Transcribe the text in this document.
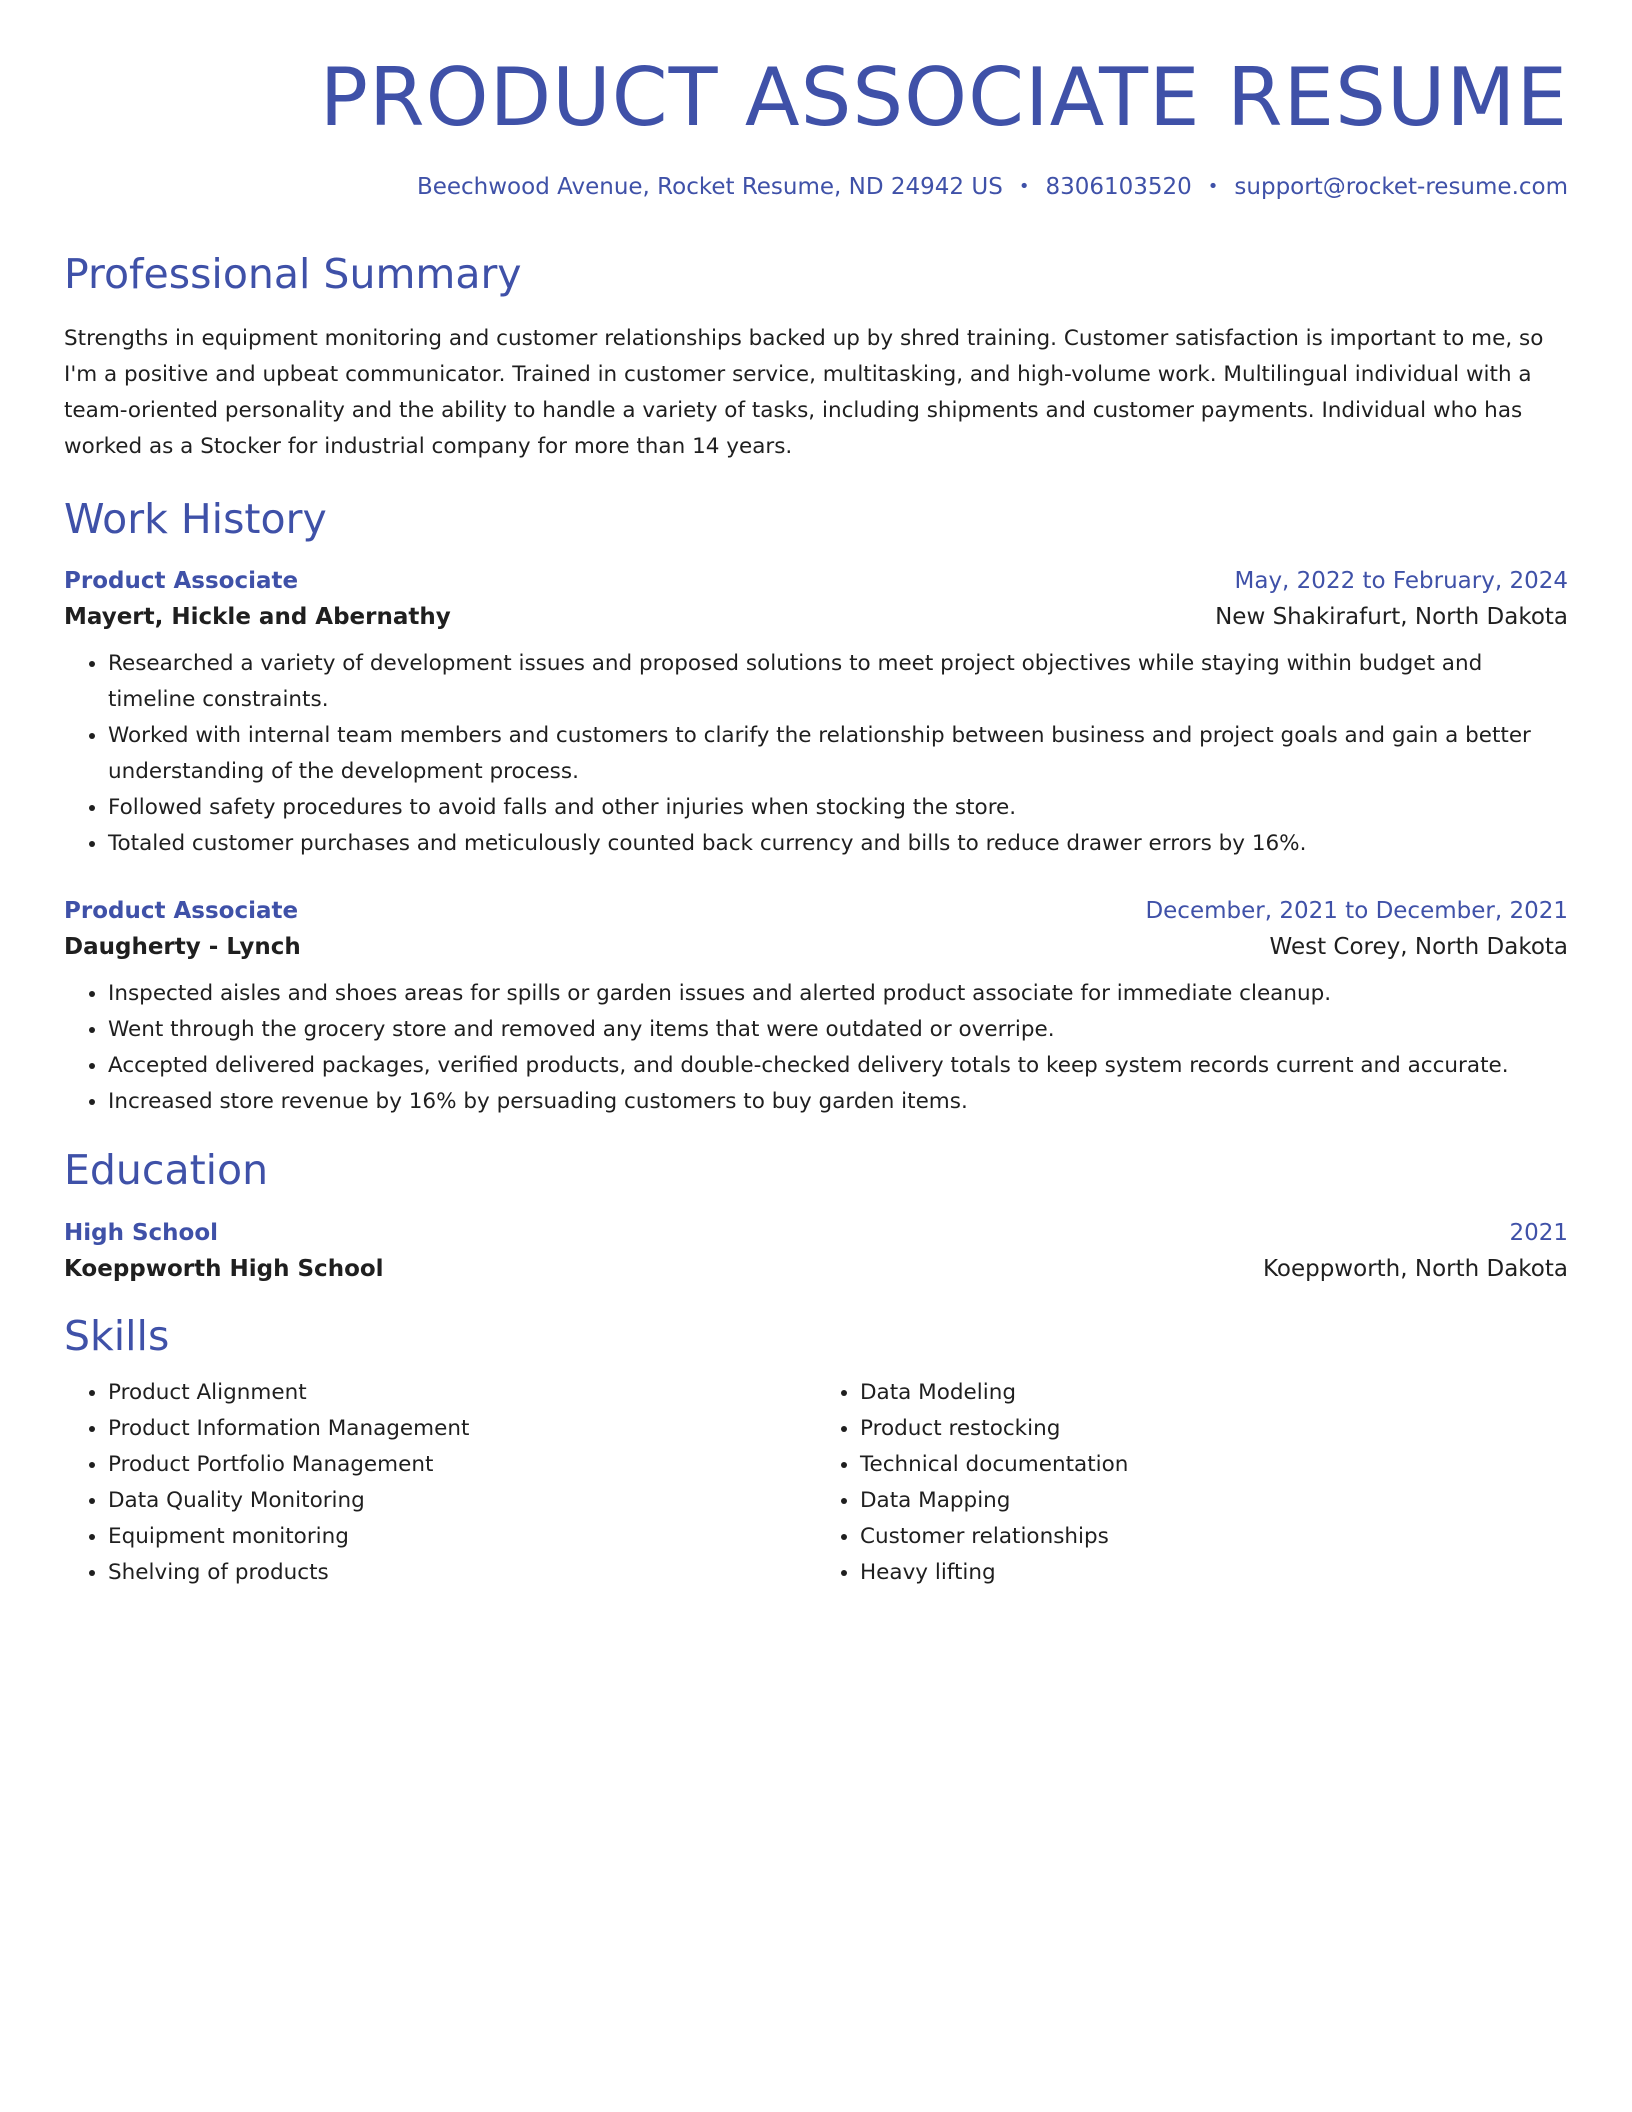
PRODUCT ASSOCIATE RESUME
Beechwood Avenue, Rocket Resume, ND 24942 US • 8306103520 • support@rocket-resume.com
Professional Summary

Strengths in equipment monitoring and customer relationships backed up by shred training. Customer satisfaction is important to me, so I'm a positive and upbeat communicator. Trained in customer service, multitasking, and high-volume work. Multilingual individual with a team-oriented personality and the ability to handle a variety of tasks, including shipments and customer payments. Individual who has worked as a Stocker for industrial company for more than 14 years.

Work History
Product Associate	May, 2022 to February, 2024
Mayert, Hickle and Abernathy	New Shakirafurt, North Dakota
• Researched a variety of development issues and proposed solutions to meet project objectives while staying within budget and timeline constraints.
• Worked with internal team members and customers to clarify the relationship between business and project goals and gain a better understanding of the development process.
• Followed safety procedures to avoid falls and other injuries when stocking the store.
• Totaled customer purchases and meticulously counted back currency and bills to reduce drawer errors by 16%.
Product Associate	December, 2021 to December, 2021
Daugherty - Lynch	West Corey, North Dakota
• Inspected aisles and shoes areas for spills or garden issues and alerted product associate for immediate cleanup.
• Went through the grocery store and removed any items that were outdated or overripe.
• Accepted delivered packages, verified products, and double-checked delivery totals to keep system records current and accurate.
• Increased store revenue by 16% by persuading customers to buy garden items.
Education
High School	2021
Koeppworth High School	Koeppworth, North Dakota
Skills
• Product Alignment
• Product Information Management
• Product Portfolio Management
• Data Quality Monitoring
• Equipment monitoring
• Shelving of products
• Data Modeling
• Product restocking
• Technical documentation
• Data Mapping
• Customer relationships
• Heavy lifting
